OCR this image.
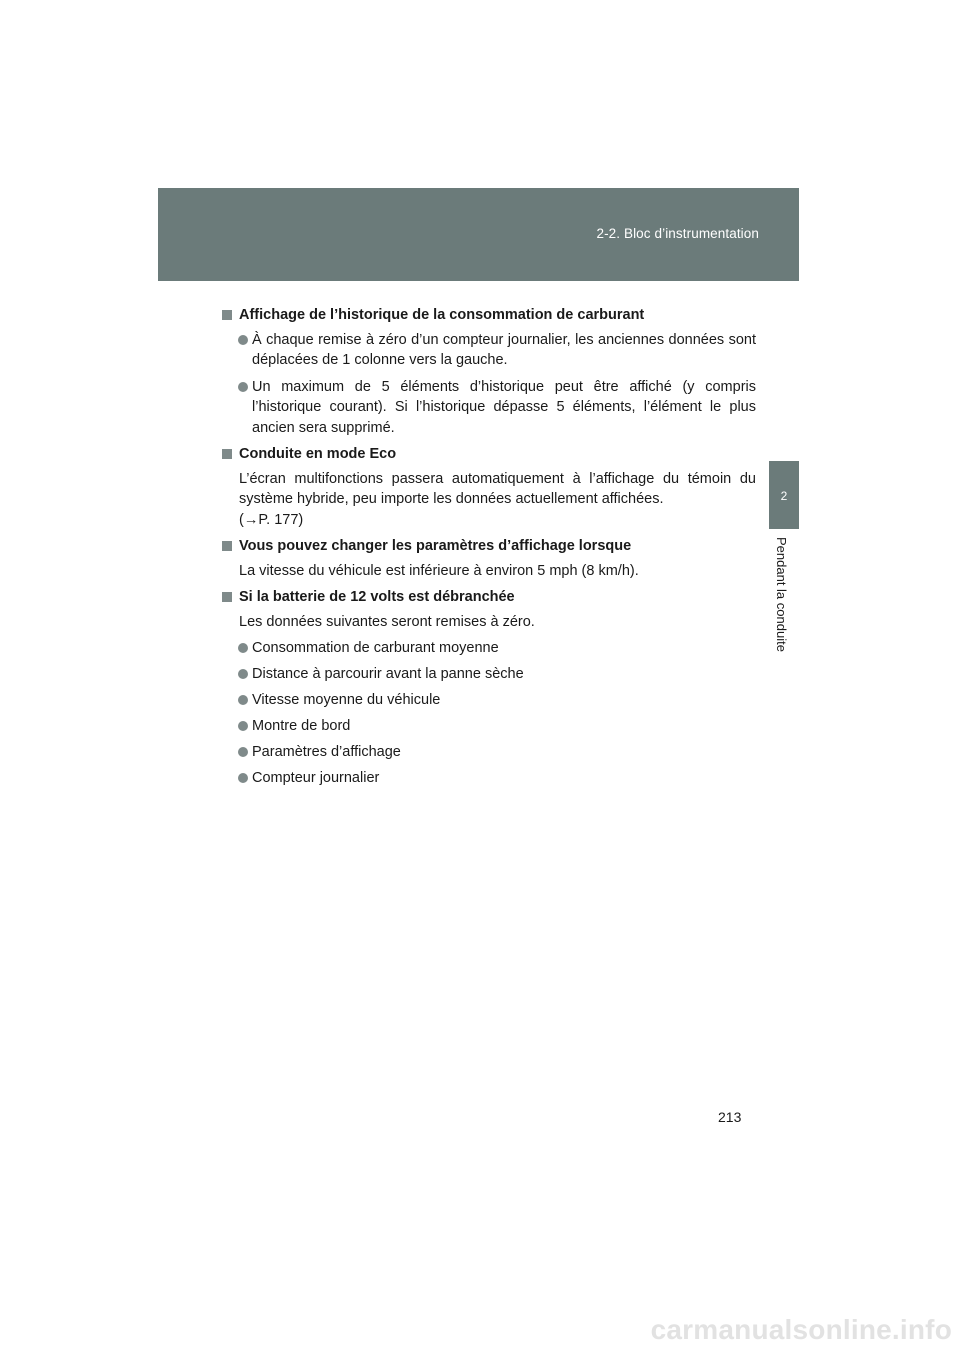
2-2. Bloc d’instrumentation
2
Pendant la conduite
Affichage de l’historique de la consommation de carburant
À chaque remise à zéro d’un compteur journalier, les anciennes données sont déplacées de 1 colonne vers la gauche.
Un maximum de 5 éléments d’historique peut être affiché (y compris l’historique courant). Si l’historique dépasse 5 éléments, l’élément le plus ancien sera supprimé.
Conduite en mode Eco
L’écran multifonctions passera automatiquement à l’affichage du témoin du système hybride, peu importe les données actuellement affichées.
(→P. 177)
Vous pouvez changer les paramètres d’affichage lorsque
La vitesse du véhicule est inférieure à environ 5 mph (8 km/h).
Si la batterie de 12 volts est débranchée
Les données suivantes seront remises à zéro.
Consommation de carburant moyenne
Distance à parcourir avant la panne sèche
Vitesse moyenne du véhicule
Montre de bord
Paramètres d’affichage
Compteur journalier
213
carmanualsonline.info
